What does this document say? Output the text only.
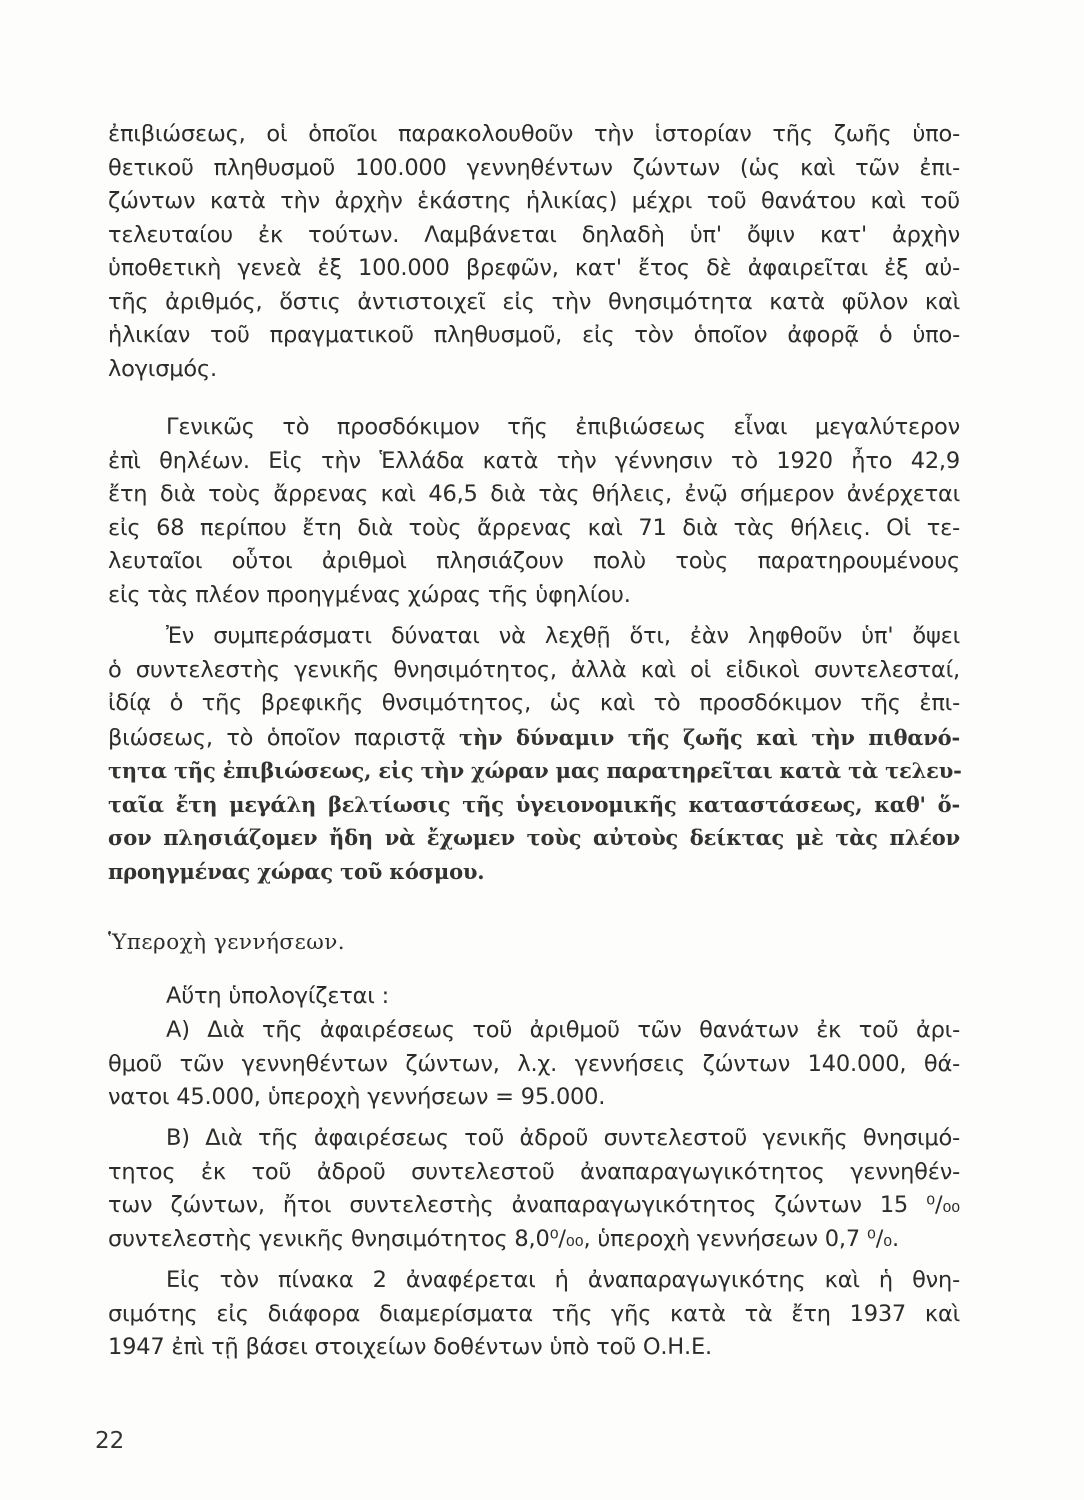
ἐπιβιώσεως, οἱ ὁποῖοι παρακολουθοῦν τὴν ἱστορίαν τῆς ζωῆς ὑπο-
θετικοῦ πληθυσμοῦ 100.000 γεννηθέντων ζώντων (ὡς καὶ τῶν ἐπι-
ζώντων κατὰ τὴν ἀρχὴν ἑκάστης ἡλικίας) μέχρι τοῦ θανάτου καὶ τοῦ
τελευταίου ἐκ τούτων. Λαμβάνεται δηλαδὴ ὑπ' ὄψιν κατ' ἀρχὴν
ὑποθετικὴ γενεὰ ἐξ 100.000 βρεφῶν, κατ' ἔτος δὲ ἀφαιρεῖται ἐξ αὐ-
τῆς ἀριθμός, ὅστις ἀντιστοιχεῖ εἰς τὴν θνησιμότητα κατὰ φῦλον καὶ
ἡλικίαν τοῦ πραγματικοῦ πληθυσμοῦ, εἰς τὸν ὁποῖον ἀφορᾷ ὁ ὑπο-
λογισμός.
Γενικῶς τὸ προσδόκιμον τῆς ἐπιβιώσεως εἶναι μεγαλύτερον
ἐπὶ θηλέων. Εἰς τὴν Ἑλλάδα κατὰ τὴν γέννησιν τὸ 1920 ἦτο 42,9
ἔτη διὰ τοὺς ἄρρενας καὶ 46,5 διὰ τὰς θήλεις, ἐνῷ σήμερον ἀνέρχεται
εἰς 68 περίπου ἔτη διὰ τοὺς ἄρρενας καὶ 71 διὰ τὰς θήλεις. Οἱ τε-
λευταῖοι οὗτοι ἀριθμοὶ πλησιάζουν πολὺ τοὺς παρατηρουμένους
εἰς τὰς πλέον προηγμένας χώρας τῆς ὑφηλίου.
Ἐν συμπεράσματι δύναται νὰ λεχθῇ ὅτι, ἐὰν ληφθοῦν ὑπ' ὄψει
ὁ συντελεστὴς γενικῆς θνησιμότητος, ἀλλὰ καὶ οἱ εἰδικοὶ συντελεσταί,
ἰδίᾳ ὁ τῆς βρεφικῆς θνσιμότητος, ὡς καὶ τὸ προσδόκιμον τῆς ἐπι-
βιώσεως, τὸ ὁποῖον παριστᾷ τὴν δύναμιν τῆς ζωῆς καὶ τὴν πιθανό-
τητα τῆς ἐπιβιώσεως, εἰς τὴν χώραν μας παρατηρεῖται κατὰ τὰ τελευ-
ταῖα ἔτη μεγάλη βελτίωσις τῆς ὑγειονομικῆς καταστάσεως, καθ' ὅ-
σον πλησιάζομεν ἤδη νὰ ἔχωμεν τοὺς αὐτοὺς δείκτας μὲ τὰς πλέον
προηγμένας χώρας τοῦ κόσμου.
Ὑπεροχὴ γεννήσεων.
Αὕτη ὑπολογίζεται :
Α) Διὰ τῆς ἀφαιρέσεως τοῦ ἀριθμοῦ τῶν θανάτων ἐκ τοῦ ἀρι-
θμοῦ τῶν γεννηθέντων ζώντων, λ.χ. γεννήσεις ζώντων 140.000, θά-
νατοι 45.000, ὑπεροχὴ γεννήσεων = 95.000.
Β) Διὰ τῆς ἀφαιρέσεως τοῦ ἀδροῦ συντελεστοῦ γενικῆς θνησιμό-
τητος ἐκ τοῦ ἀδροῦ συντελεστοῦ ἀναπαραγωγικότητος γεννηθέν-
των ζώντων, ἤτοι συντελεστὴς ἀναπαραγωγικότητος ζώντων 15 ⁰/₀₀
συντελεστὴς γενικῆς θνησιμότητος 8,0⁰/₀₀, ὑπεροχὴ γεννήσεων 0,7 ⁰/₀.
Εἰς τὸν πίνακα 2 ἀναφέρεται ἡ ἀναπαραγωγικότης καὶ ἡ θνη-
σιμότης εἰς διάφορα διαμερίσματα τῆς γῆς κατὰ τὰ ἔτη 1937 καὶ
1947 ἐπὶ τῇ βάσει στοιχείων δοθέντων ὑπὸ τοῦ Ο.Η.Ε.
22
